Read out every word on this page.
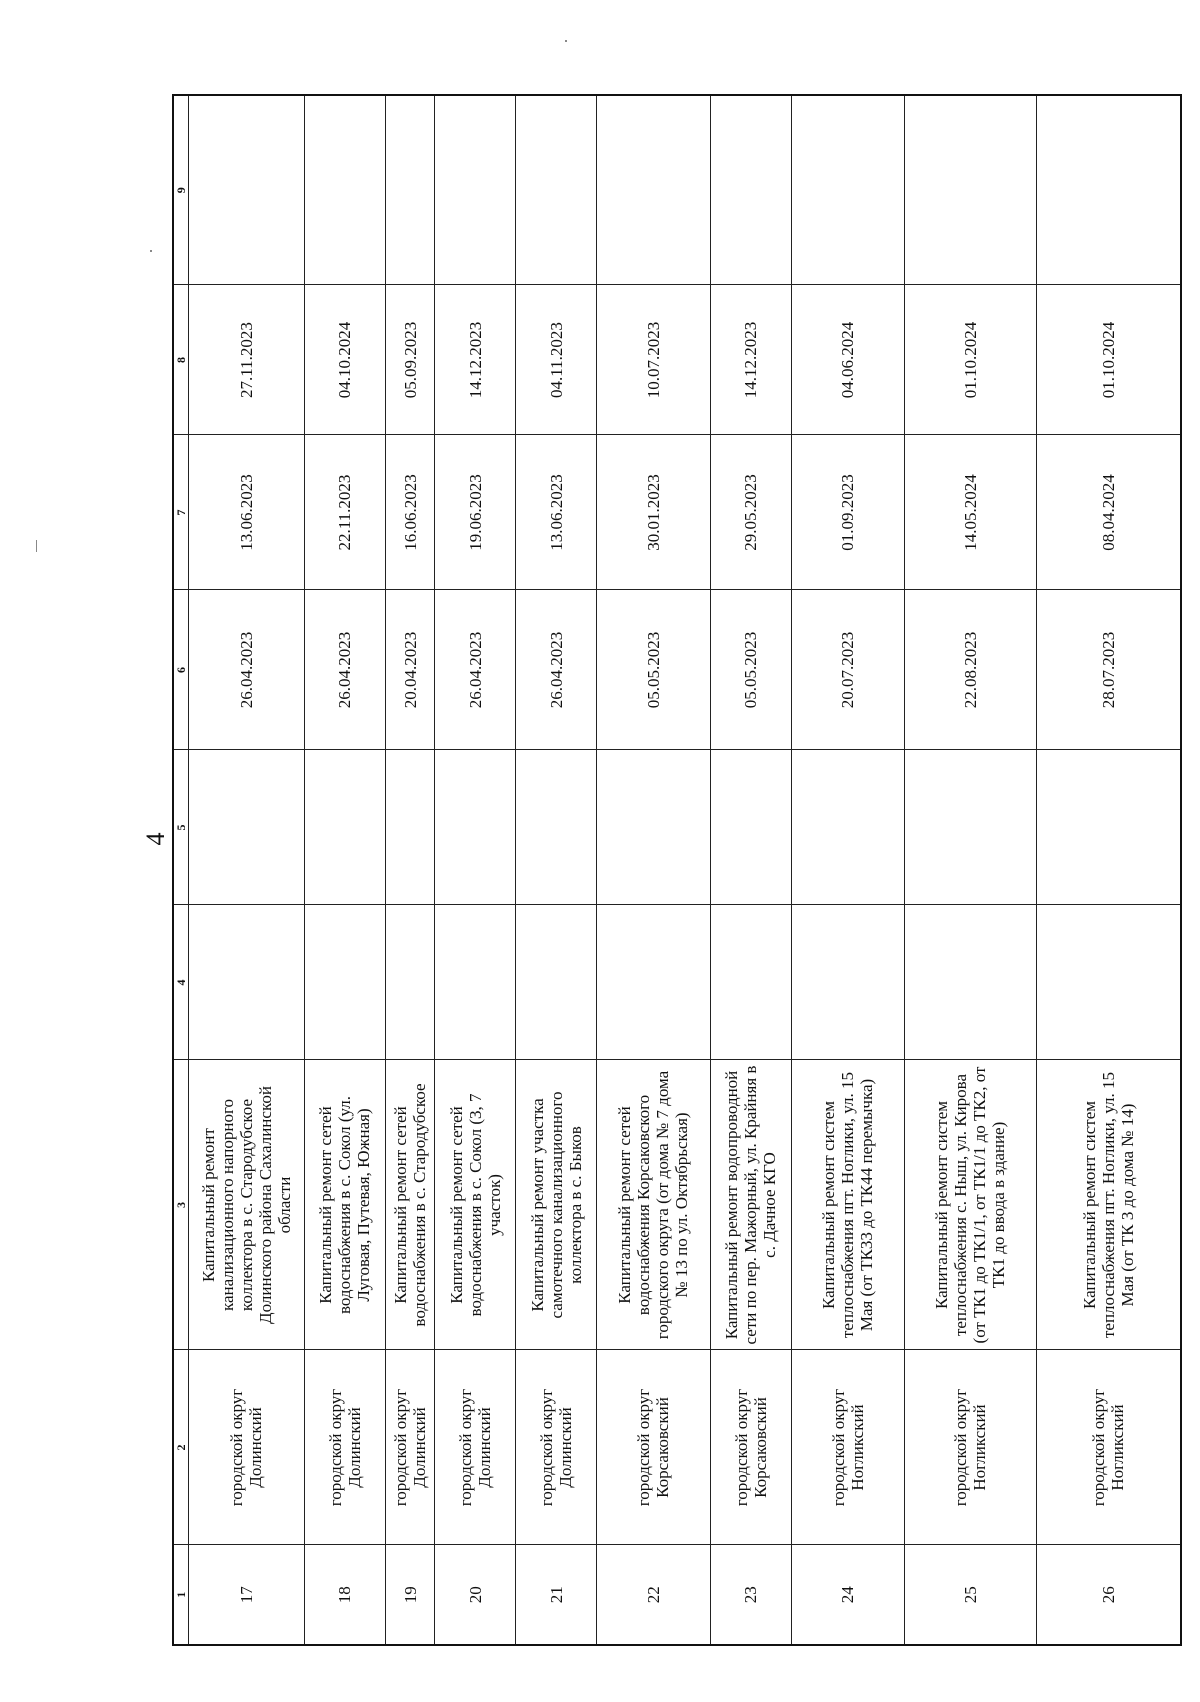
4
1	2	3	4	5	6	7	8	9
17	городской округ Долинский	Капитальный ремонт канализационного напорного коллектора в с. Стародубское Долинского района Сахалинской области			26.04.2023	13.06.2023	27.11.2023	
18	городской округ Долинский	Капитальный ремонт сетей водоснабжения в с. Сокол (ул. Луговая, Путевая, Южная)			26.04.2023	22.11.2023	04.10.2024	
19	городской округ Долинский	Капитальный ремонт сетей водоснабжения в с. Стародубское			20.04.2023	16.06.2023	05.09.2023	
20	городской округ Долинский	Капитальный ремонт сетей водоснабжения в с. Сокол (3, 7 участок)			26.04.2023	19.06.2023	14.12.2023	
21	городской округ Долинский	Капитальный ремонт участка самотечного канализационного коллектора в с. Быков			26.04.2023	13.06.2023	04.11.2023	
22	городской округ Корсаковский	Капитальный ремонт сетей водоснабжения Корсаковского городского округа (от дома № 7 дома № 13 по ул. Октябрьская)			05.05.2023	30.01.2023	10.07.2023	
23	городской округ Корсаковский	Капитальный ремонт водопроводной сети по пер. Мажорный, ул. Крайняя в с. Дачное КГО			05.05.2023	29.05.2023	14.12.2023	
24	городской округ Ногликский	Капитальный ремонт систем теплоснабжения пгт. Ноглики, ул. 15 Мая (от ТК33 до ТК44 перемычка)			20.07.2023	01.09.2023	04.06.2024	
25	городской округ Ногликский	Капитальный ремонт систем теплоснабжения с. Ныш, ул. Кирова (от ТК1 до ТК1/1, от ТК1/1 до ТК2, от ТК1 до ввода в здание)			22.08.2023	14.05.2024	01.10.2024	
26	городской округ Ногликский	Капитальный ремонт систем теплоснабжения пгт. Ноглики, ул. 15 Мая (от ТК 3 до дома № 14)			28.07.2023	08.04.2024	01.10.2024	
